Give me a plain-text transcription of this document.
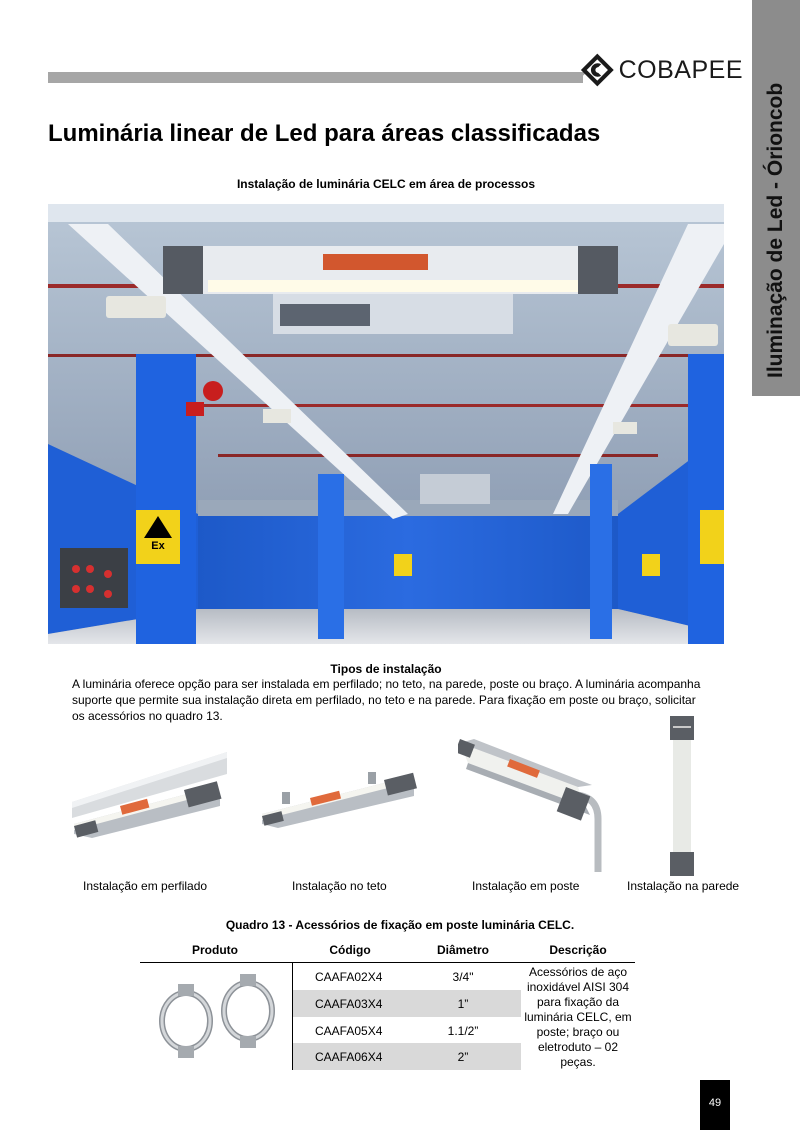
COBAPEE
Iluminação de Led - Órioncob
Luminária linear de Led para áreas classificadas
Instalação de luminária CELC em área de processos
Ex
Tipos de instalação
A luminária oferece opção para ser instalada em perfilado; no teto, na parede, poste ou braço. A luminária acompanha suporte que permite sua instalação direta em perfilado, no teto e na parede. Para fixação em poste ou braço, solicitar os acessórios no quadro 13.
Instalação em perfilado	Instalação no teto	Instalação em poste	Instalação na parede
Quadro 13 - Acessórios de fixação em poste luminária CELC.
Produto	Código	Diâmetro	Descrição
CAAFA02X4	3/4"
CAAFA03X4	1”
CAAFA05X4	1.1/2”
CAAFA06X4	2”
Acessórios de aço inoxidável AISI 304 para fixação da luminária CELC, em poste; braço ou eletroduto – 02 peças.
49
